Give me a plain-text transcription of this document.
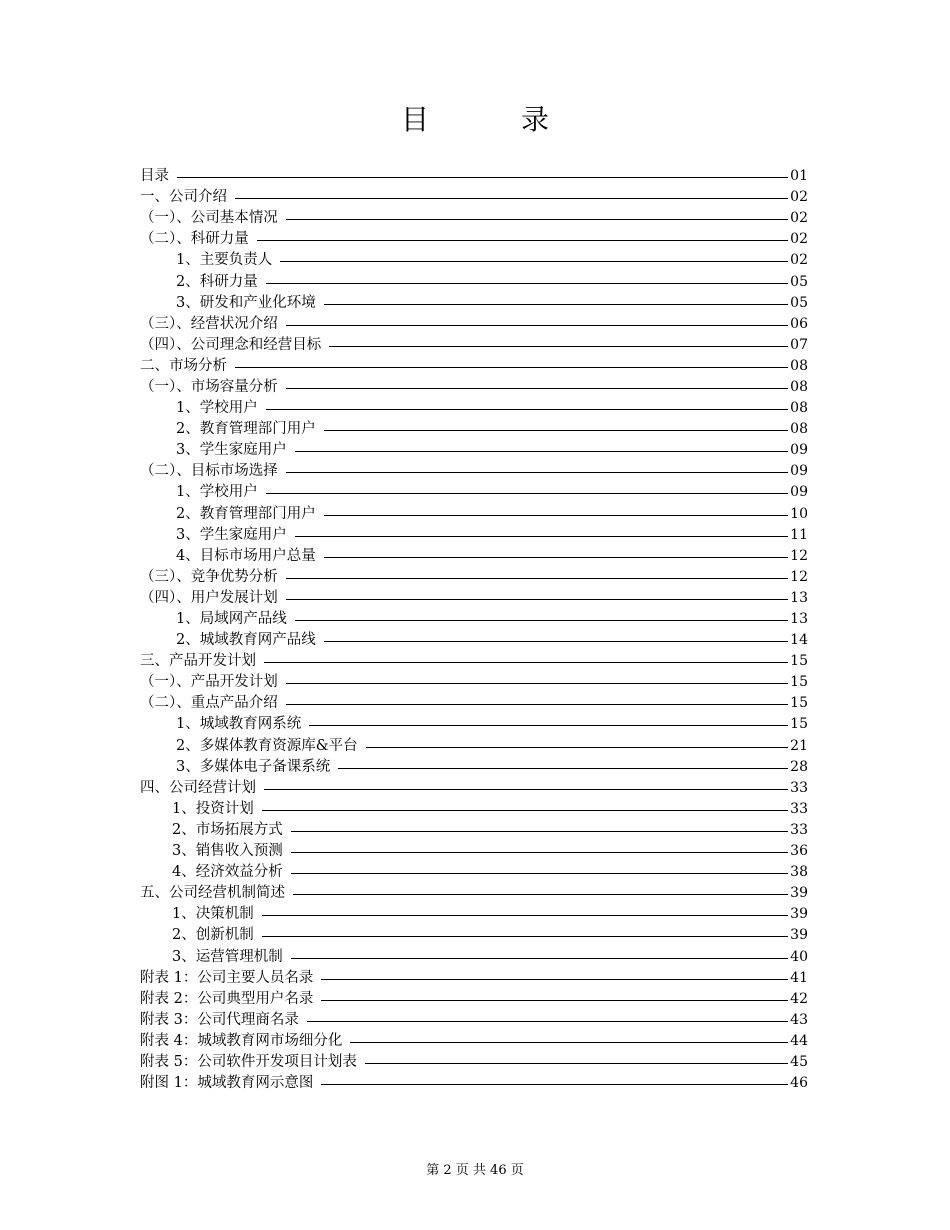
目	录
目录	01
一、公司介绍	02
（一）、公司基本情况	02
（二）、科研力量	02
1、主要负责人	02
2、科研力量	05
3、研发和产业化环境	05
（三）、经营状况介绍	06
（四）、公司理念和经营目标	07
二、市场分析	08
（一）、市场容量分析	08
1、学校用户	08
2、教育管理部门用户	08
3、学生家庭用户	09
（二）、目标市场选择	09
1、学校用户	09
2、教育管理部门用户	10
3、学生家庭用户	11
4、目标市场用户总量	12
（三）、竞争优势分析	12
（四）、用户发展计划	13
1、局域网产品线	13
2、城域教育网产品线	14
三、产品开发计划	15
（一）、产品开发计划	15
（二）、重点产品介绍	15
1、城域教育网系统	15
2、多媒体教育资源库&平台	21
3、多媒体电子备课系统	28
四、公司经营计划	33
1、投资计划	33
2、市场拓展方式	33
3、销售收入预测	36
4、经济效益分析	38
五、公司经营机制简述	39
1、决策机制	39
2、创新机制	39
3、运营管理机制	40
附表 1：公司主要人员名录	41
附表 2：公司典型用户名录	42
附表 3：公司代理商名录	43
附表 4：城域教育网市场细分化	44
附表 5：公司软件开发项目计划表	45
附图 1：城域教育网示意图	46
第 2 页 共 46 页
